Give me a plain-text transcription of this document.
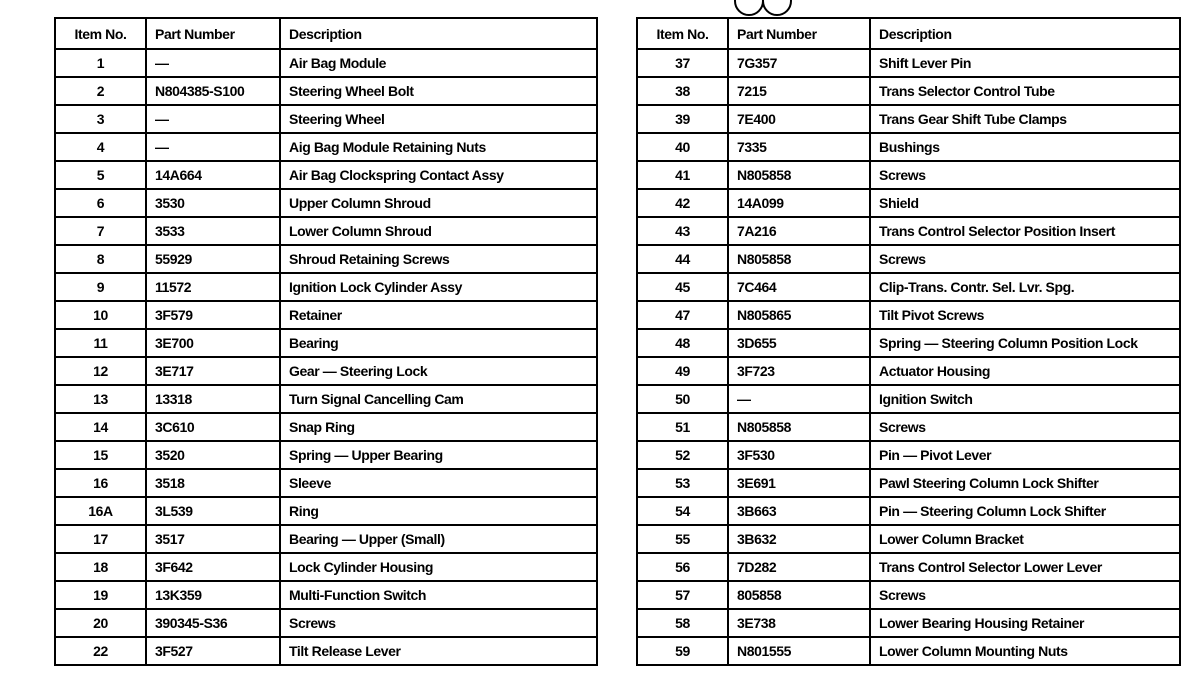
Item No.	Part Number	Description
1	—	Air Bag Module
2	N804385-S100	Steering Wheel Bolt
3	—	Steering Wheel
4	—	Aig Bag Module Retaining Nuts
5	14A664	Air Bag Clockspring Contact Assy
6	3530	Upper Column Shroud
7	3533	Lower Column Shroud
8	55929	Shroud Retaining Screws
9	11572	Ignition Lock Cylinder Assy
10	3F579	Retainer
11	3E700	Bearing
12	3E717	Gear — Steering Lock
13	13318	Turn Signal Cancelling Cam
14	3C610	Snap Ring
15	3520	Spring — Upper Bearing
16	3518	Sleeve
16A	3L539	Ring
17	3517	Bearing — Upper (Small)
18	3F642	Lock Cylinder Housing
19	13K359	Multi-Function Switch
20	390345-S36	Screws
22	3F527	Tilt Release Lever
Item No.	Part Number	Description
37	7G357	Shift Lever Pin
38	7215	Trans Selector Control Tube
39	7E400	Trans Gear Shift Tube Clamps
40	7335	Bushings
41	N805858	Screws
42	14A099	Shield
43	7A216	Trans Control Selector Position Insert
44	N805858	Screws
45	7C464	Clip-Trans. Contr. Sel. Lvr. Spg.
47	N805865	Tilt Pivot Screws
48	3D655	Spring — Steering Column Position Lock
49	3F723	Actuator Housing
50	—	Ignition Switch
51	N805858	Screws
52	3F530	Pin — Pivot Lever
53	3E691	Pawl Steering Column Lock Shifter
54	3B663	Pin — Steering Column Lock Shifter
55	3B632	Lower Column Bracket
56	7D282	Trans Control Selector Lower Lever
57	805858	Screws
58	3E738	Lower Bearing Housing Retainer
59	N801555	Lower Column Mounting Nuts
